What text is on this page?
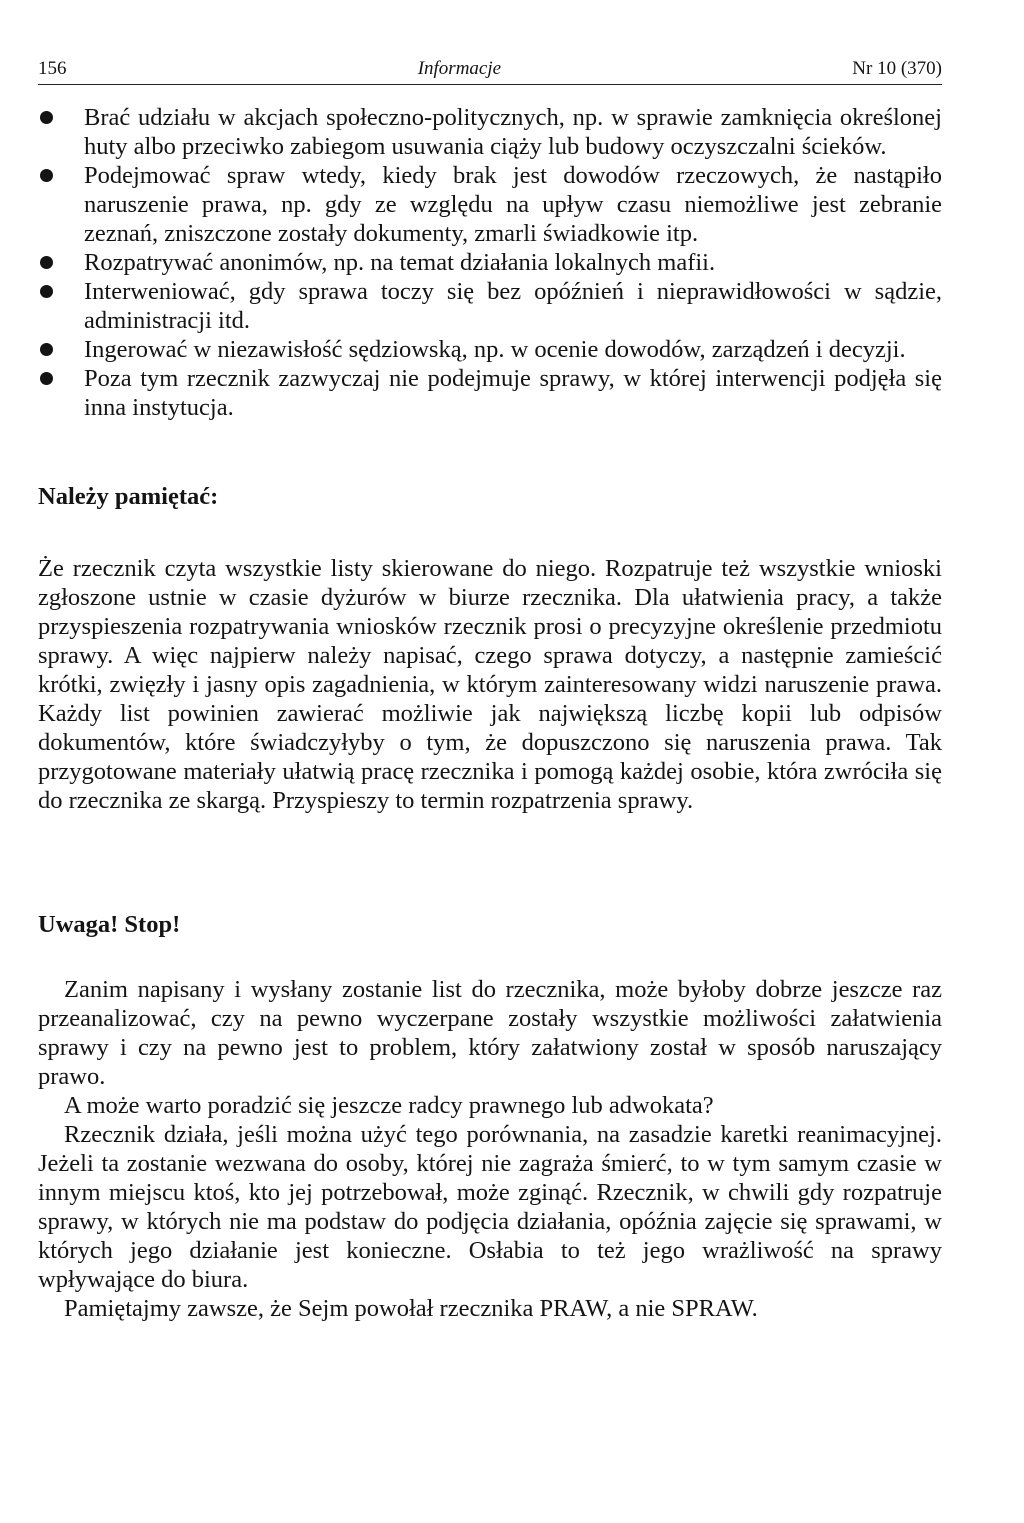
156	Informacje	Nr 10 (370)
Brać udziału w akcjach społeczno-politycznych, np. w sprawie zamknięcia określonej huty albo przeciwko zabiegom usuwania ciąży lub budowy oczyszczalni ścieków.
Podejmować spraw wtedy, kiedy brak jest dowodów rzeczowych, że nastąpiło naruszenie prawa, np. gdy ze względu na upływ czasu niemożliwe jest zebranie zeznań, zniszczone zostały dokumenty, zmarli świadkowie itp.
Rozpatrywać anonimów, np. na temat działania lokalnych mafii.
Interweniować, gdy sprawa toczy się bez opóźnień i nieprawidłowości w sądzie, administracji itd.
Ingerować w niezawisłość sędziowską, np. w ocenie dowodów, zarządzeń i decyzji.
Poza tym rzecznik zazwyczaj nie podejmuje sprawy, w której interwencji podjęła się inna instytucja.
Należy pamiętać:

Że rzecznik czyta wszystkie listy skierowane do niego. Rozpatruje też wszystkie wnioski zgłoszone ustnie w czasie dyżurów w biurze rzecznika. Dla ułatwienia pracy, a także przyspieszenia rozpatrywania wniosków rzecznik prosi o precyzyjne określenie przedmiotu sprawy. A więc najpierw należy napisać, czego sprawa dotyczy, a następnie zamieścić krótki, zwięzły i jasny opis zagadnienia, w którym zainteresowany widzi naruszenie prawa. Każdy list powinien zawierać możliwie jak największą liczbę kopii lub odpisów dokumentów, które świadczyłyby o tym, że dopuszczono się naruszenia prawa. Tak przygotowane materiały ułatwią pracę rzecznika i pomogą każdej osobie, która zwróciła się do rzecznika ze skargą. Przyspieszy to termin rozpatrzenia sprawy.

Uwaga! Stop!

Zanim napisany i wysłany zostanie list do rzecznika, może byłoby dobrze jeszcze raz przeanalizować, czy na pewno wyczerpane zostały wszystkie możliwości załatwienia sprawy i czy na pewno jest to problem, który załatwiony został w sposób naruszający prawo.

A może warto poradzić się jeszcze radcy prawnego lub adwokata?

Rzecznik działa, jeśli można użyć tego porównania, na zasadzie karetki reanimacyjnej. Jeżeli ta zostanie wezwana do osoby, której nie zagraża śmierć, to w tym samym czasie w innym miejscu ktoś, kto jej potrzebował, może zginąć. Rzecznik, w chwili gdy rozpatruje sprawy, w których nie ma podstaw do podjęcia działania, opóźnia zajęcie się sprawami, w których jego działanie jest konieczne. Osłabia to też jego wrażliwość na sprawy wpływające do biura.

Pamiętajmy zawsze, że Sejm powołał rzecznika PRAW, a nie SPRAW.
